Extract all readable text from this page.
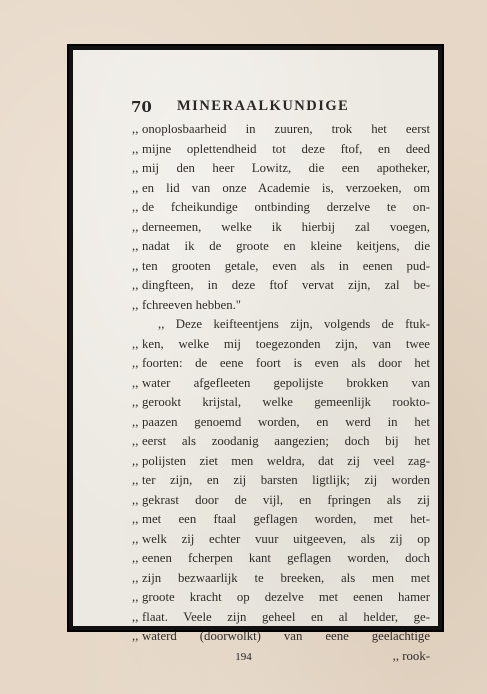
70 MINERAALKUNDIGE
,, onoplosbaarheid in zuuren, trok het eerst
,, mijne oplettendheid tot deze ftof, en deed
,, mij den heer Lowitz, die een apotheker,
,, en lid van onze Academie is, verzoeken, om
,, de fcheikundige ontbinding derzelve te on-
,, derneemen, welke ik hierbij zal voegen,
,, nadat ik de groote en kleine keitjens, die
,, ten grooten getale, even als in eenen pud-
,, dingfteen, in deze ftof vervat zijn, zal be-
,, fchreeven hebben."
,, Deze keifteentjens zijn, volgends de ftuk-
,, ken, welke mij toegezonden zijn, van twee
,, foorten: de eene foort is even als door het
,, water afgefleeten gepolijste brokken van
,, gerookt krijstal, welke gemeenlijk rookto-
,, paazen genoemd worden, en werd in het
,, eerst als zoodanig aangezien; doch bij het
,, polijsten ziet men weldra, dat zij veel zag-
,, ter zijn, en zij barsten ligtlijk; zij worden
,, gekrast door de vijl, en fpringen als zij
,, met een ftaal geflagen worden, met het-
,, welk zij echter vuur uitgeeven, als zij op
,, eenen fcherpen kant geflagen worden, doch
,, zijn bezwaarlijk te breeken, als men met
,, groote kracht op dezelve met eenen hamer
,, flaat. Veele zijn geheel en al helder, ge-
,, waterd (doorwolkt) van eene geelachtige
,, rook-
194
